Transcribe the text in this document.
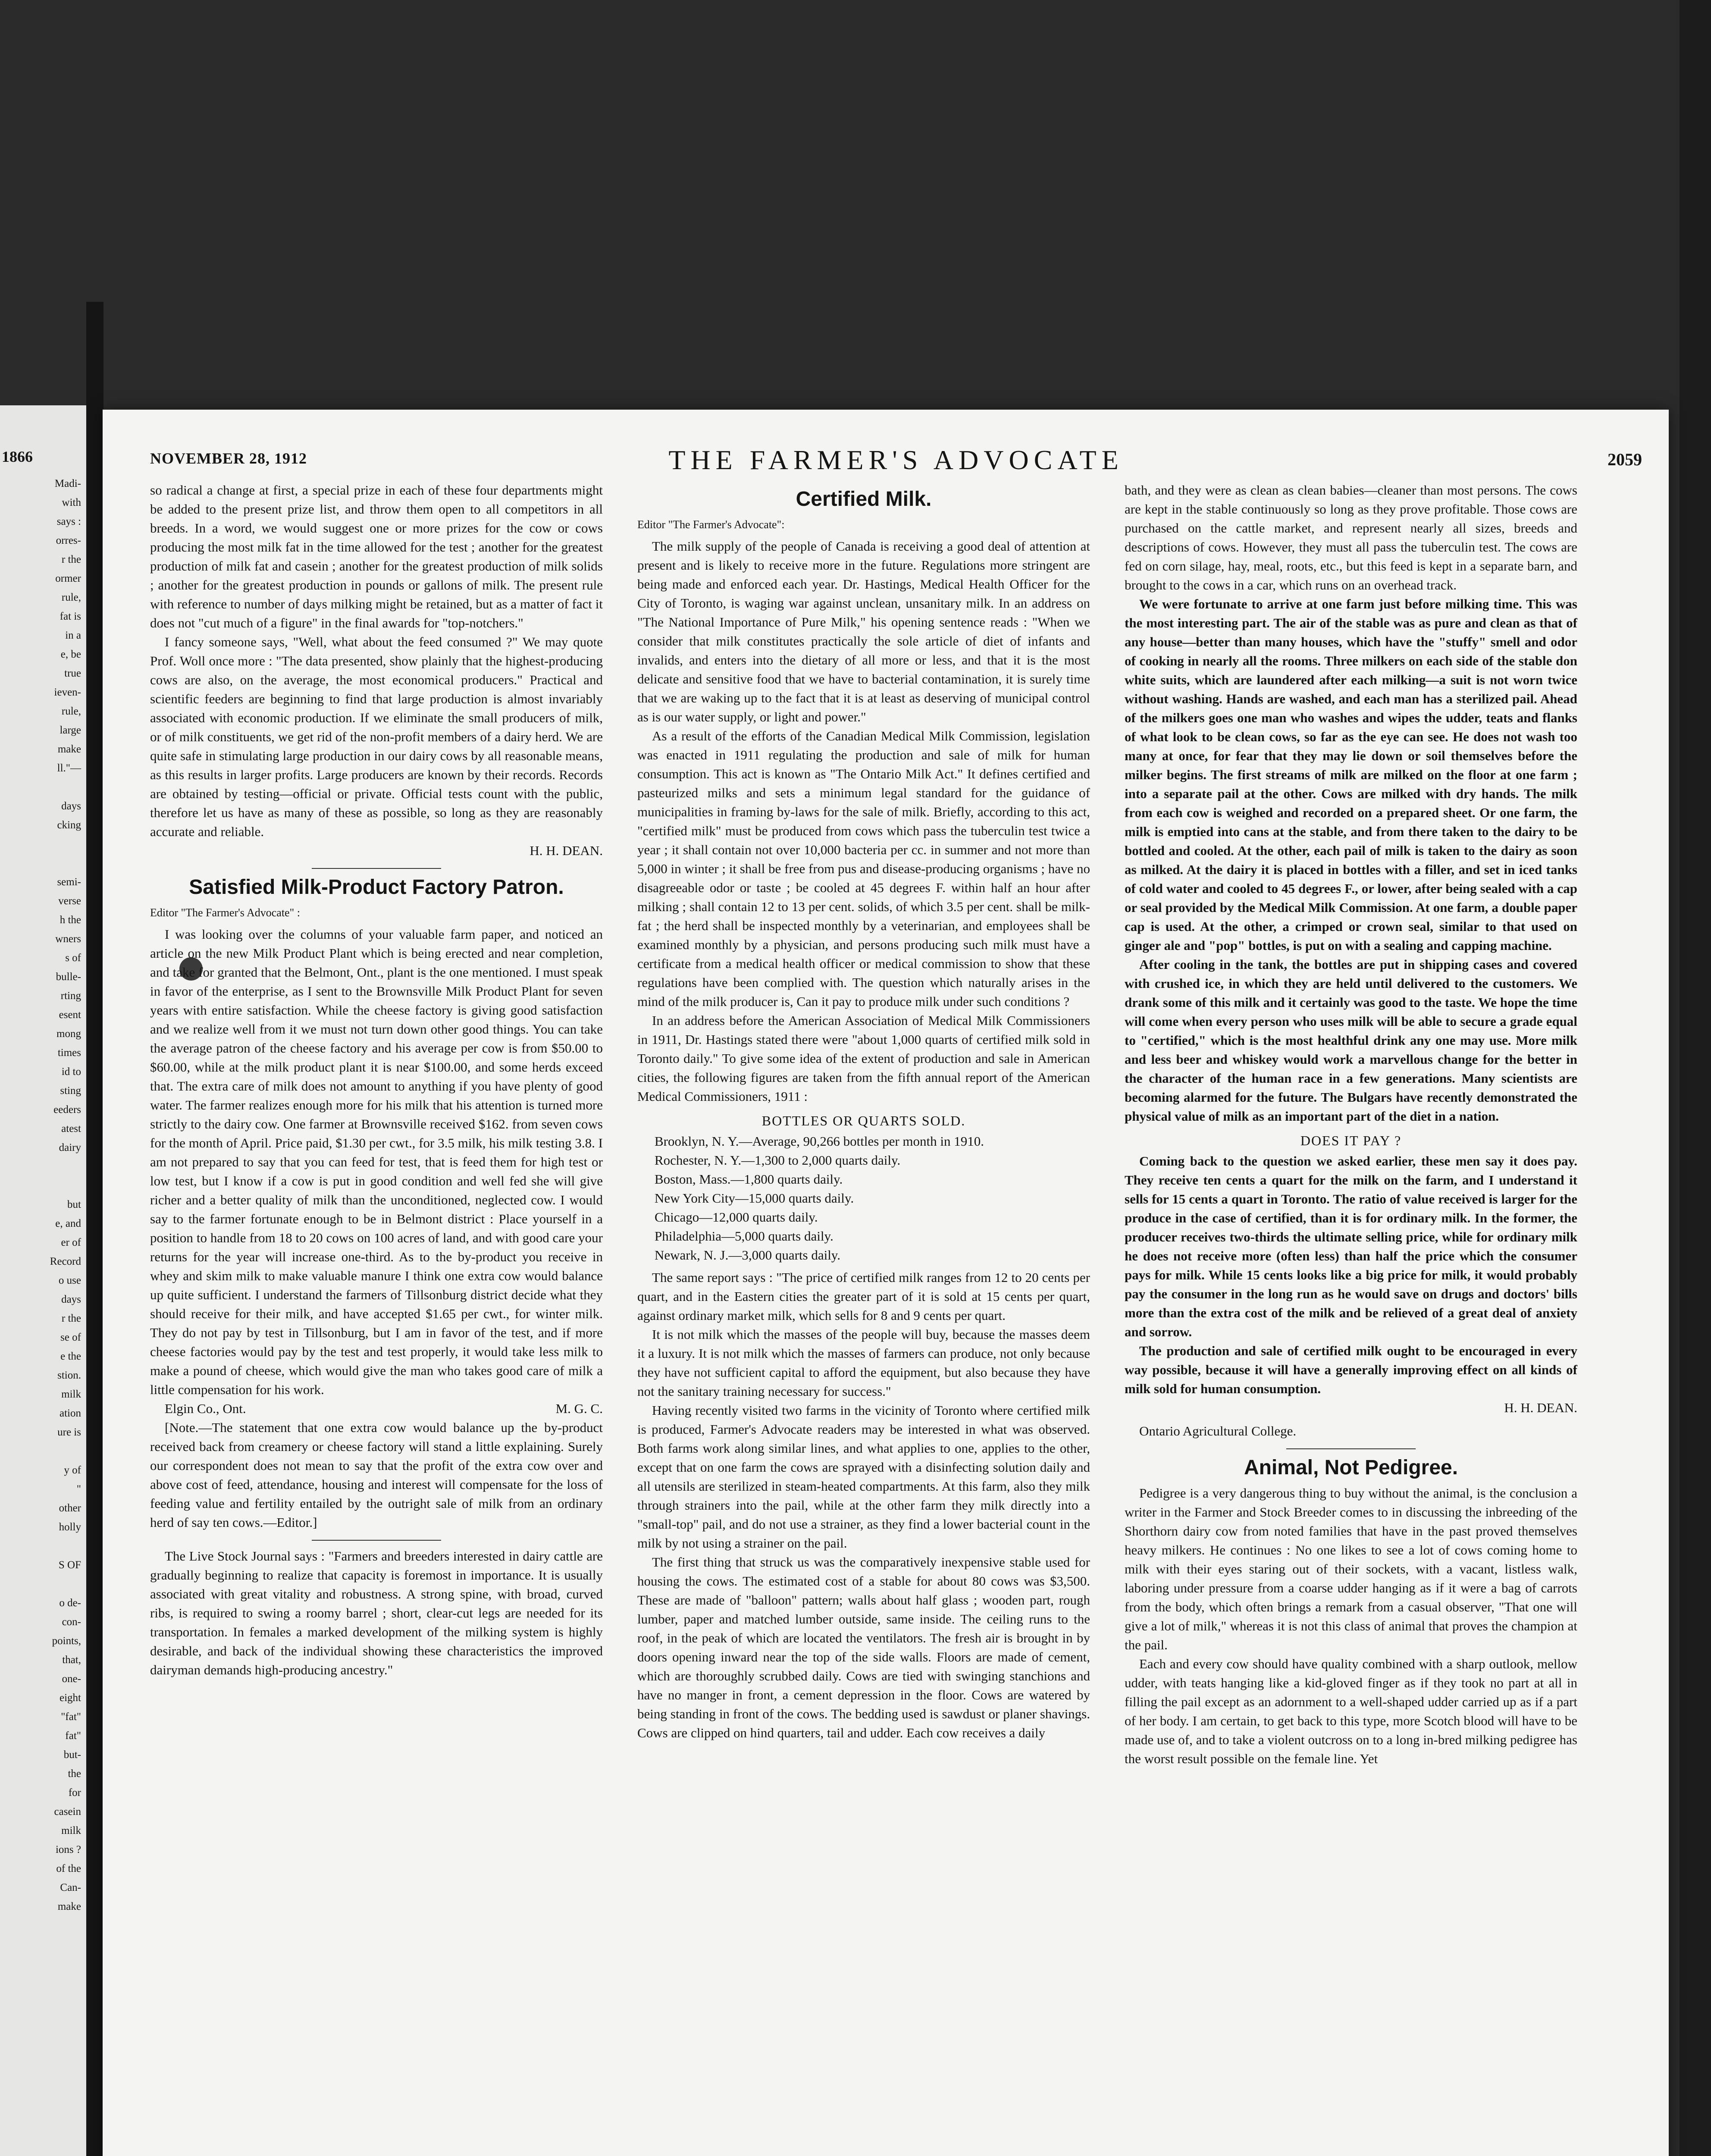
1866
Madi-
with
says :
orres-
r the
ormer
rule,
fat is
in a
e, be
true
ieven-
rule,
large
make
ll."—
days
cking
semi-
verse
h the
wners
s of
bulle-
rting
esent
mong
times
id to
sting
eeders
atest
dairy
but
e, and
er of
Record
o use
days
r the
se of
e the
stion.
milk
ation
ure is
y of
"
other
holly
S OF
o de-
con-
points,
that,
one-
eight
"fat"
fat"
but-
the
for
casein
milk
ions ?
of the
Can-
make
NOVEMBER 28, 1912	THE FARMER'S ADVOCATE	2059

so radical a change at first, a special prize in each of these four departments might be added to the present prize list, and throw them open to all competitors in all breeds. In a word, we would suggest one or more prizes for the cow or cows producing the most milk fat in the time allowed for the test ; another for the greatest production of milk fat and casein ; another for the greatest production of milk solids ; another for the greatest production in pounds or gallons of milk. The present rule with reference to number of days milking might be retained, but as a matter of fact it does not "cut much of a figure" in the final awards for "top-notchers."

I fancy someone says, "Well, what about the feed consumed ?" We may quote Prof. Woll once more : "The data presented, show plainly that the highest-producing cows are also, on the average, the most economical producers." Practical and scientific feeders are beginning to find that large production is almost invariably associated with economic production. If we eliminate the small producers of milk, or of milk constituents, we get rid of the non-profit members of a dairy herd. We are quite safe in stimulating large production in our dairy cows by all reasonable means, as this results in larger profits. Large producers are known by their records. Records are obtained by testing—official or private. Official tests count with the public, therefore let us have as many of these as possible, so long as they are reasonably accurate and reliable.

H. H. DEAN.
Satisfied Milk-Product Factory Patron.
Editor "The Farmer's Advocate" :

I was looking over the columns of your valuable farm paper, and noticed an article on the new Milk Product Plant which is being erected and near completion, and take for granted that the Belmont, Ont., plant is the one mentioned. I must speak in favor of the enterprise, as I sent to the Brownsville Milk Product Plant for seven years with entire satisfaction. While the cheese factory is giving good satisfaction and we realize well from it we must not turn down other good things. You can take the average patron of the cheese factory and his average per cow is from $50.00 to $60.00, while at the milk product plant it is near $100.00, and some herds exceed that. The extra care of milk does not amount to anything if you have plenty of good water. The farmer realizes enough more for his milk that his attention is turned more strictly to the dairy cow. One farmer at Brownsville received $162. from seven cows for the month of April. Price paid, $1.30 per cwt., for 3.5 milk, his milk testing 3.8. I am not prepared to say that you can feed for test, that is feed them for high test or low test, but I know if a cow is put in good condition and well fed she will give richer and a better quality of milk than the unconditioned, neglected cow. I would say to the farmer fortunate enough to be in Belmont district : Place yourself in a position to handle from 18 to 20 cows on 100 acres of land, and with good care your returns for the year will increase one-third. As to the by-product you receive in whey and skim milk to make valuable manure I think one extra cow would balance up quite sufficient. I understand the farmers of Tillsonburg district decide what they should receive for their milk, and have accepted $1.65 per cwt., for winter milk. They do not pay by test in Tillsonburg, but I am in favor of the test, and if more cheese factories would pay by the test and test properly, it would take less milk to make a pound of cheese, which would give the man who takes good care of milk a little compensation for his work.

Elgin Co., Ont.	M. G. C.

[Note.—The statement that one extra cow would balance up the by-product received back from creamery or cheese factory will stand a little explaining. Surely our correspondent does not mean to say that the profit of the extra cow over and above cost of feed, attendance, housing and interest will compensate for the loss of feeding value and fertility entailed by the outright sale of milk from an ordinary herd of say ten cows.—Editor.]

The Live Stock Journal says : "Farmers and breeders interested in dairy cattle are gradually beginning to realize that capacity is foremost in importance. It is usually associated with great vitality and robustness. A strong spine, with broad, curved ribs, is required to swing a roomy barrel ; short, clear-cut legs are needed for its transportation. In females a marked development of the milking system is highly desirable, and back of the individual showing these characteristics the improved dairyman demands high-producing ancestry."

Certified Milk.
Editor "The Farmer's Advocate":

The milk supply of the people of Canada is receiving a good deal of attention at present and is likely to receive more in the future. Regulations more stringent are being made and enforced each year. Dr. Hastings, Medical Health Officer for the City of Toronto, is waging war against unclean, unsanitary milk. In an address on "The National Importance of Pure Milk," his opening sentence reads : "When we consider that milk constitutes practically the sole article of diet of infants and invalids, and enters into the dietary of all more or less, and that it is the most delicate and sensitive food that we have to bacterial contamination, it is surely time that we are waking up to the fact that it is at least as deserving of municipal control as is our water supply, or light and power."

As a result of the efforts of the Canadian Medical Milk Commission, legislation was enacted in 1911 regulating the production and sale of milk for human consumption. This act is known as "The Ontario Milk Act." It defines certified and pasteurized milks and sets a minimum legal standard for the guidance of municipalities in framing by-laws for the sale of milk. Briefly, according to this act, "certified milk" must be produced from cows which pass the tuberculin test twice a year ; it shall contain not over 10,000 bacteria per cc. in summer and not more than 5,000 in winter ; it shall be free from pus and disease-producing organisms ; have no disagreeable odor or taste ; be cooled at 45 degrees F. within half an hour after milking ; shall contain 12 to 13 per cent. solids, of which 3.5 per cent. shall be milk-fat ; the herd shall be inspected monthly by a veterinarian, and employees shall be examined monthly by a physician, and persons producing such milk must have a certificate from a medical health officer or medical commission to show that these regulations have been complied with. The question which naturally arises in the mind of the milk producer is, Can it pay to produce milk under such conditions ?

In an address before the American Association of Medical Milk Commissioners in 1911, Dr. Hastings stated there were "about 1,000 quarts of certified milk sold in Toronto daily." To give some idea of the extent of production and sale in American cities, the following figures are taken from the fifth annual report of the American Medical Commissioners, 1911 :

BOTTLES OR QUARTS SOLD.
Brooklyn, N. Y.—Average, 90,266 bottles per month in 1910.
Rochester, N. Y.—1,300 to 2,000 quarts daily.
Boston, Mass.—1,800 quarts daily.
New York City—15,000 quarts daily.
Chicago—12,000 quarts daily.
Philadelphia—5,000 quarts daily.
Newark, N. J.—3,000 quarts daily.

The same report says : "The price of certified milk ranges from 12 to 20 cents per quart, and in the Eastern cities the greater part of it is sold at 15 cents per quart, against ordinary market milk, which sells for 8 and 9 cents per quart.

It is not milk which the masses of the people will buy, because the masses deem it a luxury. It is not milk which the masses of farmers can produce, not only because they have not sufficient capital to afford the equipment, but also because they have not the sanitary training necessary for success."

Having recently visited two farms in the vicinity of Toronto where certified milk is produced, Farmer's Advocate readers may be interested in what was observed. Both farms work along similar lines, and what applies to one, applies to the other, except that on one farm the cows are sprayed with a disinfecting solution daily and all utensils are sterilized in steam-heated compartments. At this farm, also they milk through strainers into the pail, while at the other farm they milk directly into a "small-top" pail, and do not use a strainer, as they find a lower bacterial count in the milk by not using a strainer on the pail.

The first thing that struck us was the comparatively inexpensive stable used for housing the cows. The estimated cost of a stable for about 80 cows was $3,500. These are made of "balloon" pattern; walls about half glass ; wooden part, rough lumber, paper and matched lumber outside, same inside. The ceiling runs to the roof, in the peak of which are located the ventilators. The fresh air is brought in by doors opening inward near the top of the side walls. Floors are made of cement, which are thoroughly scrubbed daily. Cows are tied with swinging stanchions and have no manger in front, a cement depression in the floor. Cows are watered by being standing in front of the cows. The bedding used is sawdust or planer shavings. Cows are clipped on hind quarters, tail and udder. Each cow receives a daily

bath, and they were as clean as clean babies—cleaner than most persons. The cows are kept in the stable continuously so long as they prove profitable. Those cows are purchased on the cattle market, and represent nearly all sizes, breeds and descriptions of cows. However, they must all pass the tuberculin test. The cows are fed on corn silage, hay, meal, roots, etc., but this feed is kept in a separate barn, and brought to the cows in a car, which runs on an overhead track.

We were fortunate to arrive at one farm just before milking time. This was the most interesting part. The air of the stable was as pure and clean as that of any house—better than many houses, which have the "stuffy" smell and odor of cooking in nearly all the rooms. Three milkers on each side of the stable don white suits, which are laundered after each milking—a suit is not worn twice without washing. Hands are washed, and each man has a sterilized pail. Ahead of the milkers goes one man who washes and wipes the udder, teats and flanks of what look to be clean cows, so far as the eye can see. He does not wash too many at once, for fear that they may lie down or soil themselves before the milker begins. The first streams of milk are milked on the floor at one farm ; into a separate pail at the other. Cows are milked with dry hands. The milk from each cow is weighed and recorded on a prepared sheet. Or one farm, the milk is emptied into cans at the stable, and from there taken to the dairy to be bottled and cooled. At the other, each pail of milk is taken to the dairy as soon as milked. At the dairy it is placed in bottles with a filler, and set in iced tanks of cold water and cooled to 45 degrees F., or lower, after being sealed with a cap or seal provided by the Medical Milk Commission. At one farm, a double paper cap is used. At the other, a crimped or crown seal, similar to that used on ginger ale and "pop" bottles, is put on with a sealing and capping machine.

After cooling in the tank, the bottles are put in shipping cases and covered with crushed ice, in which they are held until delivered to the customers. We drank some of this milk and it certainly was good to the taste. We hope the time will come when every person who uses milk will be able to secure a grade equal to "certified," which is the most healthful drink any one may use. More milk and less beer and whiskey would work a marvellous change for the better in the character of the human race in a few generations. Many scientists are becoming alarmed for the future. The Bulgars have recently demonstrated the physical value of milk as an important part of the diet in a nation.

DOES IT PAY ?

Coming back to the question we asked earlier, these men say it does pay. They receive ten cents a quart for the milk on the farm, and I understand it sells for 15 cents a quart in Toronto. The ratio of value received is larger for the produce in the case of certified, than it is for ordinary milk. In the former, the producer receives two-thirds the ultimate selling price, while for ordinary milk he does not receive more (often less) than half the price which the consumer pays for milk. While 15 cents looks like a big price for milk, it would probably pay the consumer in the long run as he would save on drugs and doctors' bills more than the extra cost of the milk and be relieved of a great deal of anxiety and sorrow.

The production and sale of certified milk ought to be encouraged in every way possible, because it will have a generally improving effect on all kinds of milk sold for human consumption.

H. H. DEAN.

Ontario Agricultural College.

Animal, Not Pedigree.

Pedigree is a very dangerous thing to buy without the animal, is the conclusion a writer in the Farmer and Stock Breeder comes to in discussing the inbreeding of the Shorthorn dairy cow from noted families that have in the past proved themselves heavy milkers. He continues : No one likes to see a lot of cows coming home to milk with their eyes staring out of their sockets, with a vacant, listless walk, laboring under pressure from a coarse udder hanging as if it were a bag of carrots from the body, which often brings a remark from a casual observer, "That one will give a lot of milk," whereas it is not this class of animal that proves the champion at the pail.

Each and every cow should have quality combined with a sharp outlook, mellow udder, with teats hanging like a kid-gloved finger as if they took no part at all in filling the pail except as an adornment to a well-shaped udder carried up as if a part of her body. I am certain, to get back to this type, more Scotch blood will have to be made use of, and to take a violent outcross on to a long in-bred milking pedigree has the worst result possible on the female line. Yet
